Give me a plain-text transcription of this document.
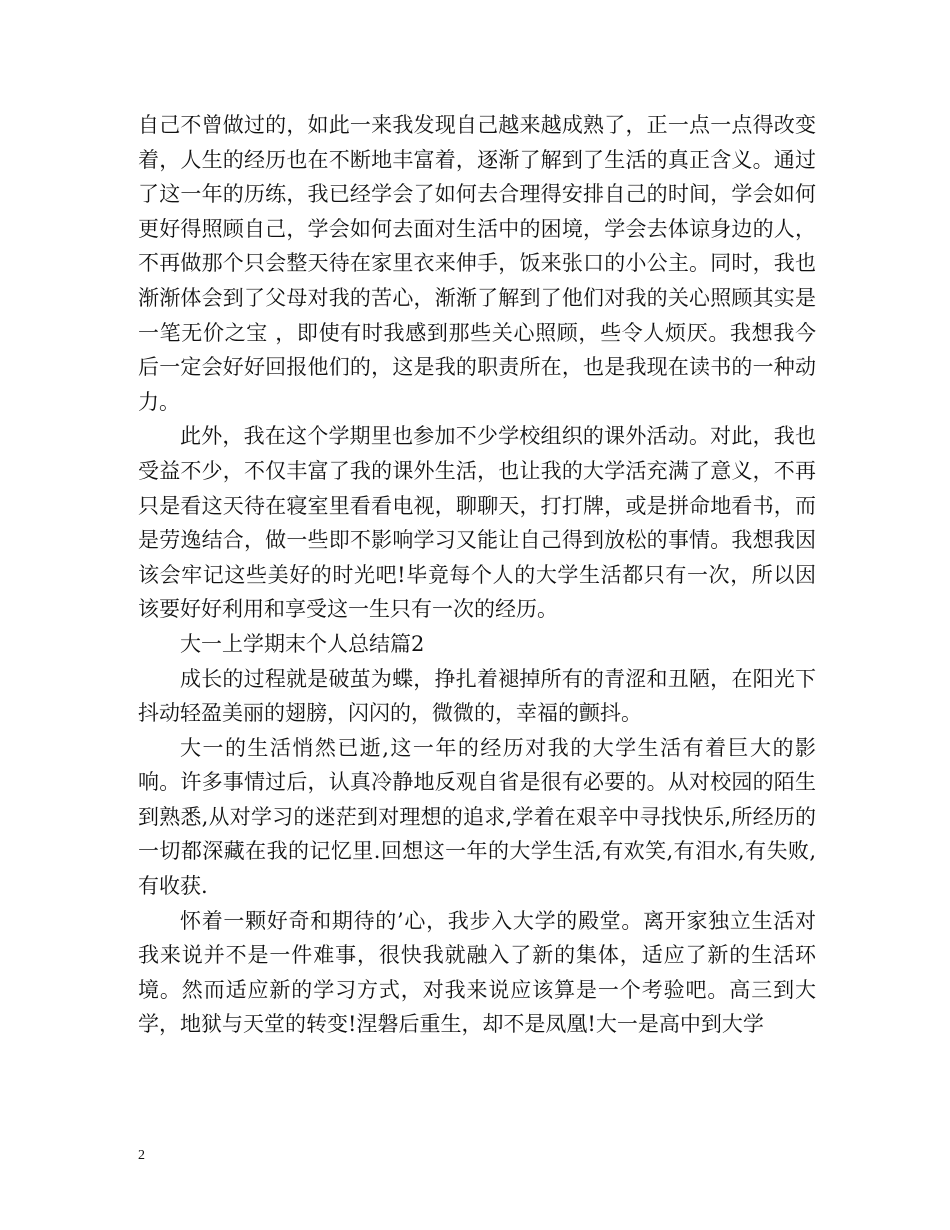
自己不曾做过的，如此一来我发现自己越来越成熟了，正一点一点得改变着，人生的经历也在不断地丰富着，逐渐了解到了生活的真正含义。通过了这一年的历练，我已经学会了如何去合理得安排自己的时间，学会如何更好得照顾自己，学会如何去面对生活中的困境，学会去体谅身边的人，不再做那个只会整天待在家里衣来伸手，饭来张口的小公主。同时，我也渐渐体会到了父母对我的苦心，渐渐了解到了他们对我的关心照顾其实是一笔无价之宝 ，即使有时我感到那些关心照顾，些令人烦厌。我想我今后一定会好好回报他们的，这是我的职责所在，也是我现在读书的一种动力。

此外，我在这个学期里也参加不少学校组织的课外活动。对此，我也受益不少，不仅丰富了我的课外生活，也让我的大学活充满了意义，不再只是看这天待在寝室里看看电视，聊聊天，打打牌，或是拼命地看书，而是劳逸结合，做一些即不影响学习又能让自己得到放松的事情。我想我因该会牢记这些美好的时光吧!毕竟每个人的大学生活都只有一次，所以因该要好好利用和享受这一生只有一次的经历。

大一上学期末个人总结篇2

成长的过程就是破茧为蝶，挣扎着褪掉所有的青涩和丑陋，在阳光下抖动轻盈美丽的翅膀，闪闪的，微微的，幸福的颤抖。

大一的生活悄然已逝,这一年的经历对我的大学生活有着巨大的影响。许多事情过后，认真冷静地反观自省是很有必要的。从对校园的陌生到熟悉,从对学习的迷茫到对理想的追求,学着在艰辛中寻找快乐,所经历的一切都深藏在我的记忆里.回想这一年的大学生活,有欢笑,有泪水,有失败,有收获.

怀着一颗好奇和期待的’心，我步入大学的殿堂。离开家独立生活对我来说并不是一件难事，很快我就融入了新的集体，适应了新的生活环境。然而适应新的学习方式，对我来说应该算是一个考验吧。高三到大学，地狱与天堂的转变!涅磐后重生，却不是凤凰!大一是高中到大学

2
